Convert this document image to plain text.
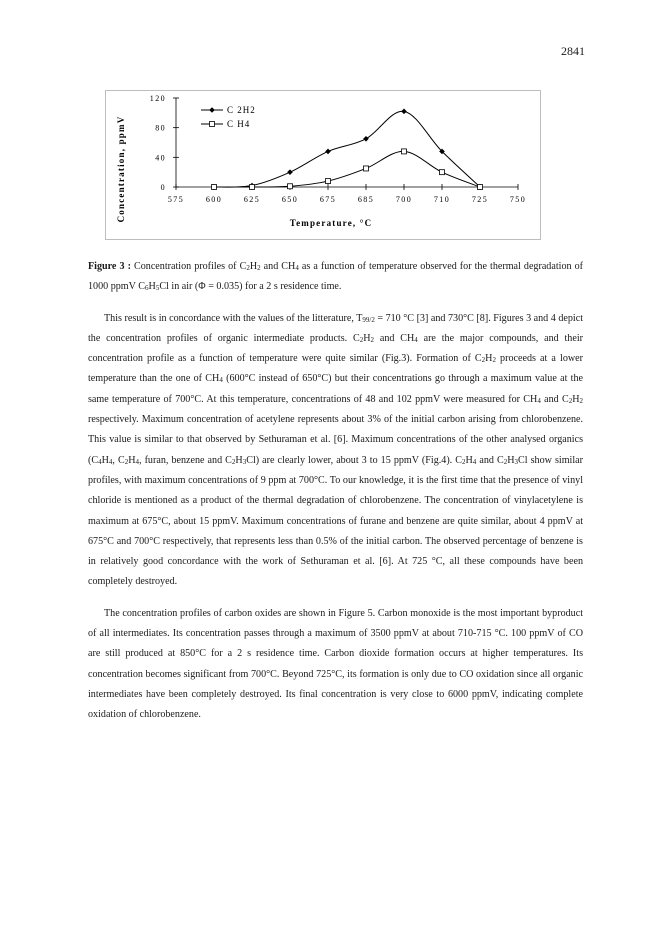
2841
0
40
80
120
575	600	625	650	675	685	700	710	725	750
C 2H2
C H4
Concentration, ppmV
Temperature, °C

Figure 3 : Concentration profiles of $C_2H_2$ and $CH_4$ as a function of temperature observed for the thermal degradation of 1000 ppmV $C_6H_5Cl$ in air (Φ = 0.035) for a 2 s residence time.

This result is in concordance with the values of the litterature, $T_{99/2} = 710$ °C [3] and 730°C [8]. Figures 3 and 4 depict the concentration profiles of organic intermediate products. $C_2H_2$ and $CH_4$ are the major compounds, and their concentration profile as a function of temperature were quite similar (Fig.3). Formation of $C_2H_2$ proceeds at a lower temperature than the one of $CH_4$ (600°C instead of 650°C) but their concentrations go through a maximum value at the same temperature of 700°C. At this temperature, concentrations of 48 and 102 ppmV were measured for $CH_4$ and $C_2H_2$ respectively. Maximum concentration of acetylene represents about 3% of the initial carbon arising from chlorobenzene. This value is similar to that observed by Sethuraman et al. [6]. Maximum concentrations of the other analysed organics ($C_4H_4$, $C_2H_4$, furan, benzene and $C_2H_3Cl$) are clearly lower, about 3 to 15 ppmV (Fig.4). $C_2H_4$ and $C_2H_3Cl$ show similar profiles, with maximum concentrations of 9 ppm at 700°C. To our knowledge, it is the first time that the presence of vinyl chloride is mentioned as a product of the thermal degradation of chlorobenzene. The concentration of vinylacetylene is maximum at 675°C, about 15 ppmV. Maximum concentrations of furane and benzene are quite similar, about 4 ppmV at 675°C and 700°C respectively, that represents less than 0.5% of the initial carbon. The observed percentage of benzene is in relatively good concordance with the work of Sethuraman et al. [6]. At 725 °C, all these compounds have been completely destroyed.

The concentration profiles of carbon oxides are shown in Figure 5. Carbon monoxide is the most important byproduct of all intermediates. Its concentration passes through a maximum of 3500 ppmV at about 710-715 °C. 100 ppmV of CO are still produced at 850°C for a 2 s residence time. Carbon dioxide formation occurs at higher temperatures. Its concentration becomes significant from 700°C. Beyond 725°C, its formation is only due to CO oxidation since all organic intermediates have been completely destroyed. Its final concentration is very close to 6000 ppmV, indicating complete oxidation of chlorobenzene.
